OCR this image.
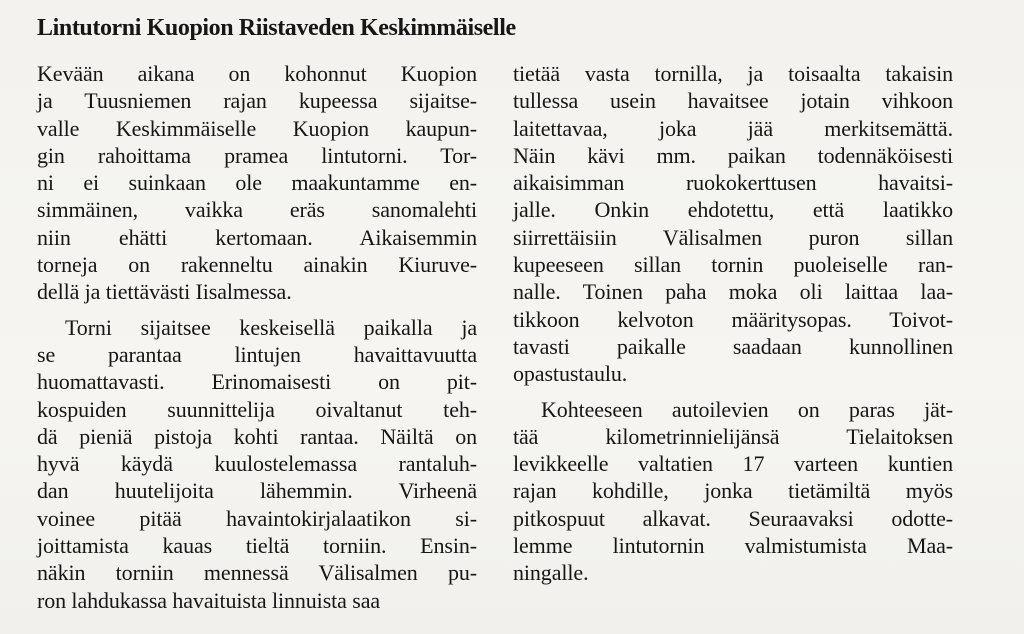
Lintutorni Kuopion Riistaveden Keskimmäiselle
Kevään aikana on kohonnut Kuopion
ja Tuusniemen rajan kupeessa sijaitse-
valle Keskimmäiselle Kuopion kaupun-
gin rahoittama pramea lintutorni. Tor-
ni ei suinkaan ole maakuntamme en-
simmäinen, vaikka eräs sanomalehti
niin ehätti kertomaan. Aikaisemmin
torneja on rakenneltu ainakin Kiuruve-
dellä ja tiettävästi Iisalmessa.
Torni sijaitsee keskeisellä paikalla ja
se parantaa lintujen havaittavuutta
huomattavasti. Erinomaisesti on pit-
kospuiden suunnittelija oivaltanut teh-
dä pieniä pistoja kohti rantaa. Näiltä on
hyvä käydä kuulostelemassa rantaluh-
dan huutelijoita lähemmin. Virheenä
voinee pitää havaintokirjalaatikon si-
joittamista kauas tieltä torniin. Ensin-
näkin torniin mennessä Välisalmen pu-
ron lahdukassa havaituista linnuista saa
tietää vasta tornilla, ja toisaalta takaisin
tullessa usein havaitsee jotain vihkoon
laitettavaa, joka jää merkitsemättä.
Näin kävi mm. paikan todennäköisesti
aikaisimman ruokokerttusen havaitsi-
jalle. Onkin ehdotettu, että laatikko
siirrettäisiin Välisalmen puron sillan
kupeeseen sillan tornin puoleiselle ran-
nalle. Toinen paha moka oli laittaa laa-
tikkoon kelvoton määritysopas. Toivot-
tavasti paikalle saadaan kunnollinen
opastustaulu.
Kohteeseen autoilevien on paras jät-
tää kilometrinnielijänsä Tielaitoksen
levikkeelle valtatien 17 varteen kuntien
rajan kohdille, jonka tietämiltä myös
pitkospuut alkavat. Seuraavaksi odotte-
lemme lintutornin valmistumista Maa-
ningalle.
